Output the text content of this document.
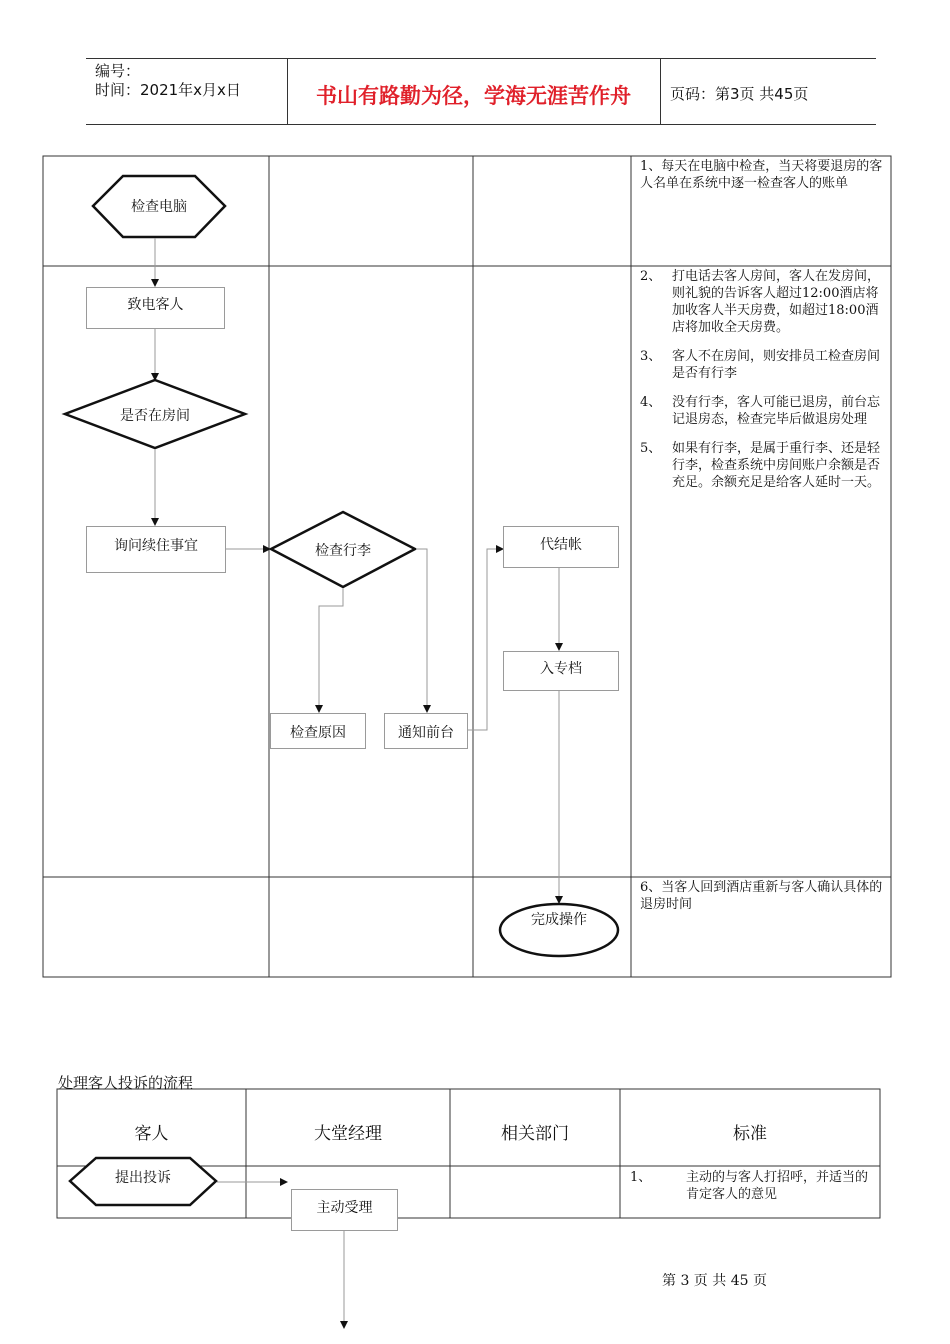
编号：
时间：2021年x月x日	书山有路勤为径，学海无涯苦作舟	页码：第3页 共45页
检查电脑
致电客人
是否在房间
询问续住事宜	检查行李
检查原因	通知前台
代结帐
入专档
完成操作
1、每天在电脑中检查，当天将要退房的客人名单在系统中逐一检查客人的账单
2、 打电话去客人房间，客人在发房间，则礼貌的告诉客人超过12:00酒店将加收客人半天房费，如超过18:00酒店将加收全天房费。
3、 客人不在房间，则安排员工检查房间是否有行李
4、 没有行李，客人可能已退房，前台忘记退房态，检查完毕后做退房处理
5、 如果有行李，是属于重行李、还是轻行李，检查系统中房间账户余额是否充足。余额充足是给客人延时一天。
6、当客人回到酒店重新与客人确认具体的退房时间
处理客人投诉的流程
客人	大堂经理	相关部门	标准
提出投诉
主动受理
1、	主动的与客人打招呼，并适当的肯定客人的意见
第 3 页 共 45 页
